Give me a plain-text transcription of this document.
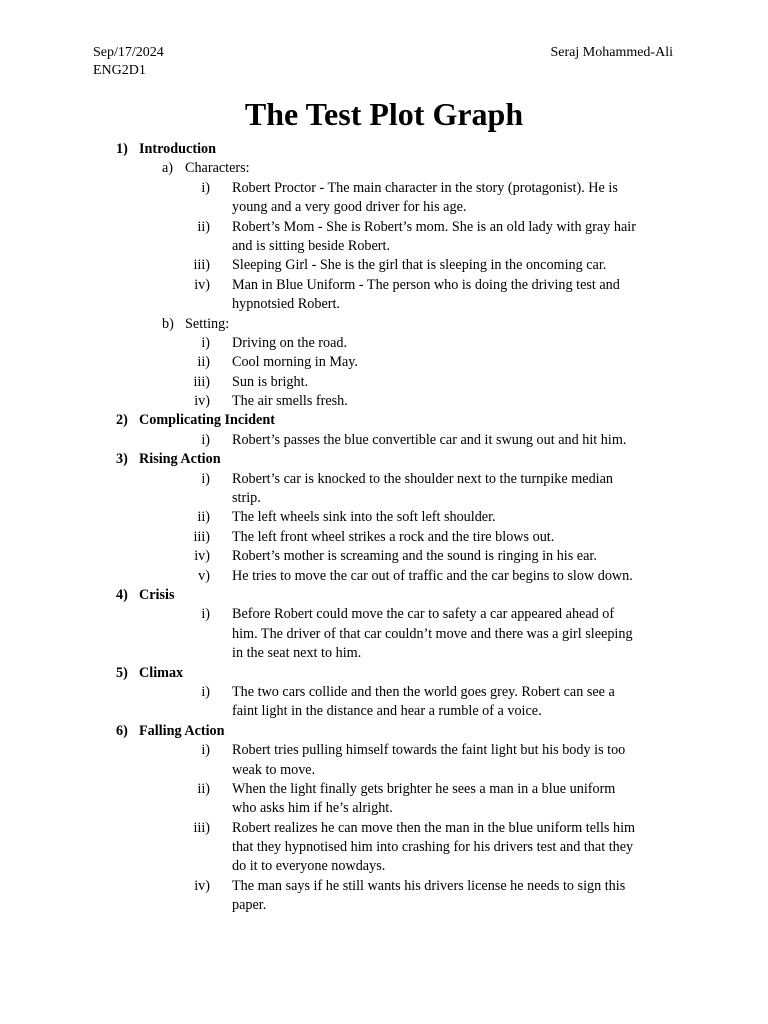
Sep/17/2024
ENG2D1
Seraj Mohammed-Ali
The Test Plot Graph
1) Introduction
a) Characters:
i) Robert Proctor - The main character in the story (protagonist). He is
young and a very good driver for his age.
ii) Robert’s Mom - She is Robert’s mom. She is an old lady with gray hair
and is sitting beside Robert.
iii) Sleeping Girl - She is the girl that is sleeping in the oncoming car.
iv) Man in Blue Uniform - The person who is doing the driving test and
hypnotsied Robert.
b) Setting:
i) Driving on the road.
ii) Cool morning in May.
iii) Sun is bright.
iv) The air smells fresh.
2) Complicating Incident
i) Robert’s passes the blue convertible car and it swung out and hit him.
3) Rising Action
i) Robert’s car is knocked to the shoulder next to the turnpike median
strip.
ii) The left wheels sink into the soft left shoulder.
iii) The left front wheel strikes a rock and the tire blows out.
iv) Robert’s mother is screaming and the sound is ringing in his ear.
v) He tries to move the car out of traffic and the car begins to slow down.
4) Crisis
i) Before Robert could move the car to safety a car appeared ahead of
him. The driver of that car couldn’t move and there was a girl sleeping
in the seat next to him.
5) Climax
i) The two cars collide and then the world goes grey. Robert can see a
faint light in the distance and hear a rumble of a voice.
6) Falling Action
i) Robert tries pulling himself towards the faint light but his body is too
weak to move.
ii) When the light finally gets brighter he sees a man in a blue uniform
who asks him if he’s alright.
iii) Robert realizes he can move then the man in the blue uniform tells him
that they hypnotised him into crashing for his drivers test and that they
do it to everyone nowdays.
iv) The man says if he still wants his drivers license he needs to sign this
paper.
